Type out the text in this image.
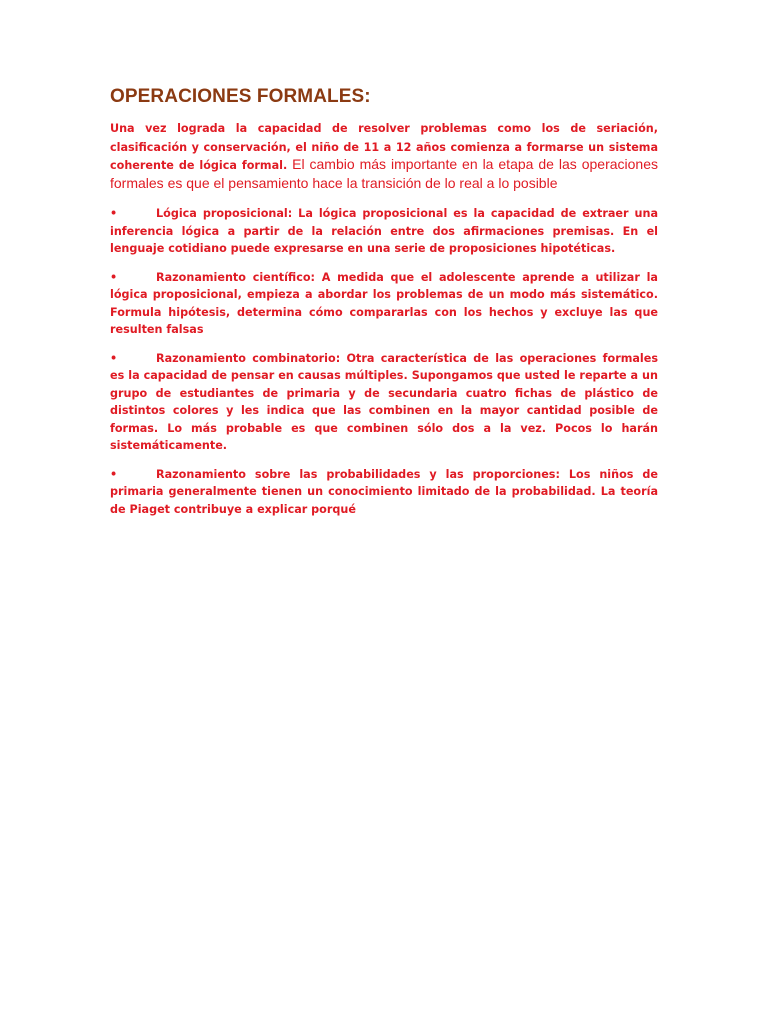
OPERACIONES FORMALES:

Una vez lograda la capacidad de resolver problemas como los de seriación, clasificación y conservación, el niño de 11 a 12 años comienza a formarse un sistema coherente de lógica formal. El cambio más importante en la etapa de las operaciones formales es que el pensamiento hace la transición de lo real a lo posible

•	Lógica proposicional: La lógica proposicional es la capacidad de extraer una inferencia lógica a partir de la relación entre dos afirmaciones premisas. En el lenguaje cotidiano puede expresarse en una serie de proposiciones hipotéticas.

•	Razonamiento científico: A medida que el adolescente aprende a utilizar la lógica proposicional, empieza a abordar los problemas de un modo más sistemático. Formula hipótesis, determina cómo compararlas con los hechos y excluye las que resulten falsas

•	Razonamiento combinatorio: Otra característica de las operaciones formales es la capacidad de pensar en causas múltiples. Supongamos que usted le reparte a un grupo de estudiantes de primaria y de secundaria cuatro fichas de plástico de distintos colores y les indica que las combinen en la mayor cantidad posible de formas. Lo más probable es que combinen sólo dos a la vez. Pocos lo harán sistemáticamente.

•	Razonamiento sobre las probabilidades y las proporciones: Los niños de primaria generalmente tienen un conocimiento limitado de la probabilidad. La teoría de Piaget contribuye a explicar porqué
